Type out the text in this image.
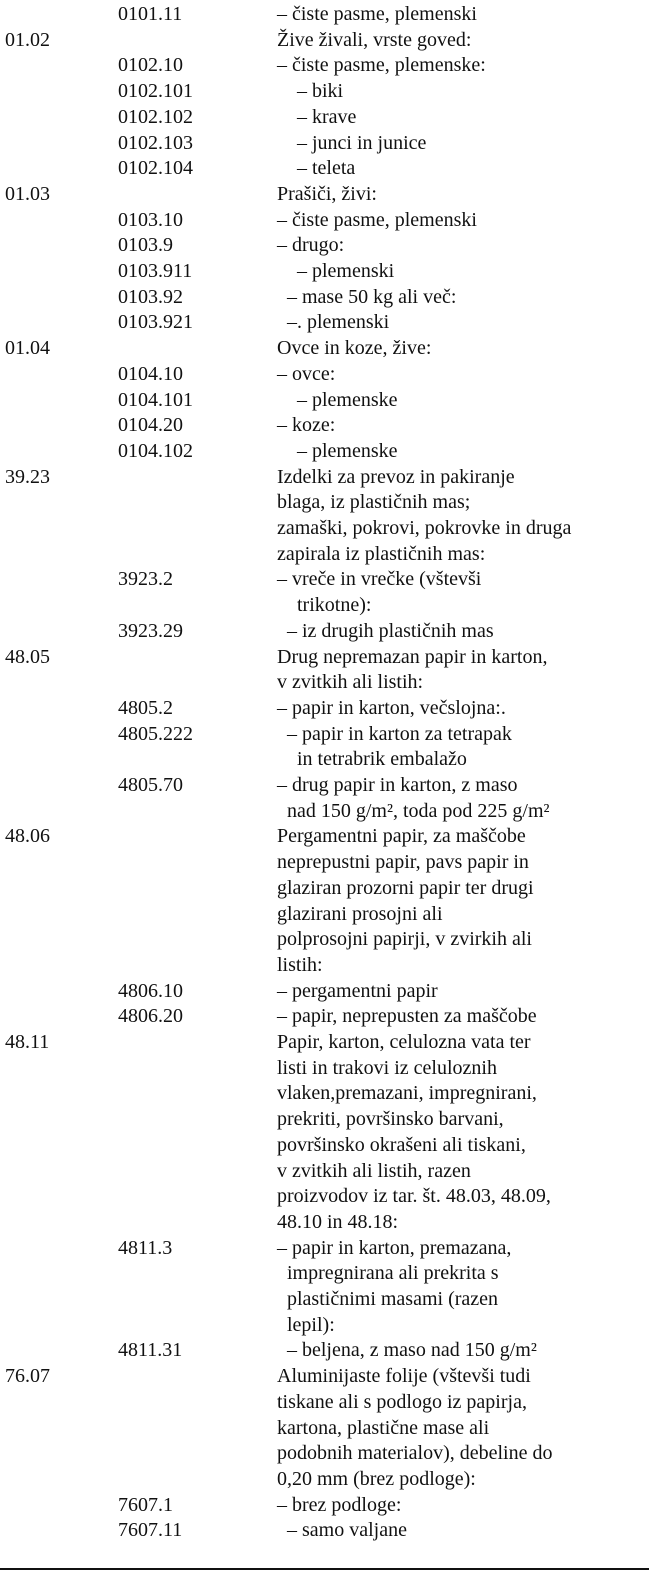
0101.11	– čiste pasme, plemenski
01.02	Žive živali, vrste goved:
0102.10	– čiste pasme, plemenske:
0102.101	– biki
0102.102	– krave
0102.103	– junci in junice
0102.104	– teleta
01.03	Prašiči, živi:
0103.10	– čiste pasme, plemenski
0103.9	– drugo:
0103.911	– plemenski
0103.92	– mase 50 kg ali več:
0103.921	–. plemenski
01.04	Ovce in koze, žive:
0104.10	– ovce:
0104.101	– plemenske
0104.20	– koze:
0104.102	– plemenske
39.23	Izdelki za prevoz in pakiranje
blaga, iz plastičnih mas;
zamaški, pokrovi, pokrovke in druga
zapirala iz plastičnih mas:
3923.2	– vreče in vrečke (vštevši
trikotne):
3923.29	– iz drugih plastičnih mas
48.05	Drug nepremazan papir in karton,
v zvitkih ali listih:
4805.2	– papir in karton, večslojna:.
4805.222	– papir in karton za tetrapak
in tetrabrik embalažo
4805.70	– drug papir in karton, z maso
nad 150 g/m², toda pod 225 g/m²
48.06	Pergamentni papir, za maščobe
neprepustni papir, pavs papir in
glaziran prozorni papir ter drugi
glazirani prosojni ali
polprosojni papirji, v zvirkih ali
listih:
4806.10	– pergamentni papir
4806.20	– papir, neprepusten za maščobe
48.11	Papir, karton, celulozna vata ter
listi in trakovi iz celuloznih
vlaken,premazani, impregnirani,
prekriti, površinsko barvani,
površinsko okrašeni ali tiskani,
v zvitkih ali listih, razen
proizvodov iz tar. št. 48.03, 48.09,
48.10 in 48.18:
4811.3	– papir in karton, premazana,
impregnirana ali prekrita s
plastičnimi masami (razen
lepil):
4811.31	– beljena, z maso nad 150 g/m²
76.07	Aluminijaste folije (vštevši tudi
tiskane ali s podlogo iz papirja,
kartona, plastične mase ali
podobnih materialov), debeline do
0,20 mm (brez podloge):
7607.1	– brez podloge:
7607.11	– samo valjane
